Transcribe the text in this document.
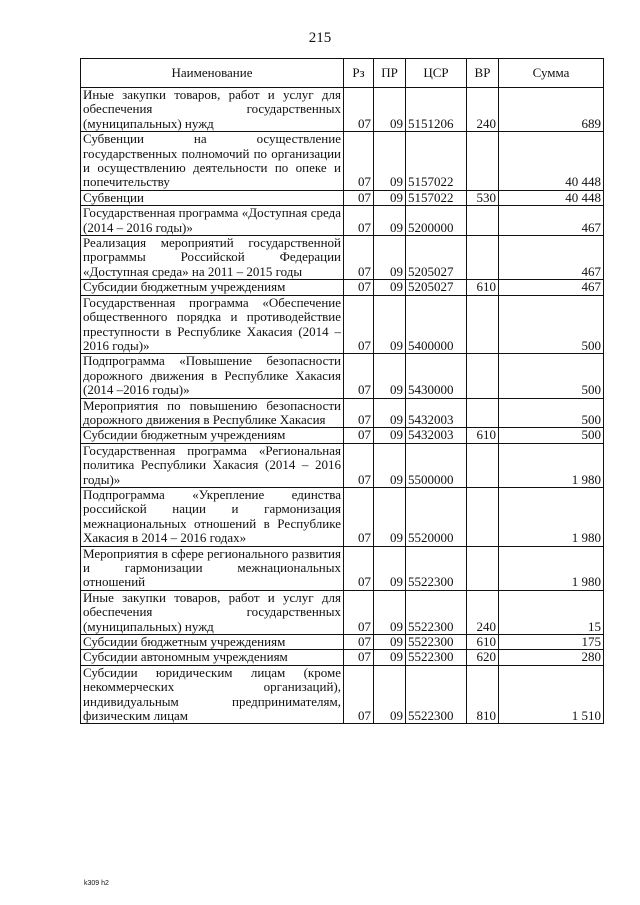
215
Наименование	Рз	ПР	ЦСР	ВР	Сумма
Иные закупки товаров, работ и услуг для обеспечения государственных (муниципальных) нужд	07	09	5151206	240	689
Субвенции на осуществление государственных полномочий по организации и осуществлению деятельности по опеке и попечительству	07	09	5157022		40 448
Субвенции	07	09	5157022	530	40 448
Государственная программа «Доступная среда (2014 – 2016 годы)»	07	09	5200000		467
Реализация мероприятий государственной программы Российской Федерации «Доступная среда» на 2011 – 2015 годы	07	09	5205027		467
Субсидии бюджетным учреждениям	07	09	5205027	610	467
Государственная программа «Обеспечение общественного порядка и противодействие преступности в Республике Хакасия (2014 – 2016 годы)»	07	09	5400000		500
Подпрограмма «Повышение безопасности дорожного движения в Республике Хакасия (2014 –2016 годы)»	07	09	5430000		500
Мероприятия по повышению безопасности дорожного движения в Республике Хакасия	07	09	5432003		500
Субсидии бюджетным учреждениям	07	09	5432003	610	500
Государственная программа «Региональная политика Республики Хакасия (2014 – 2016 годы)»	07	09	5500000		1 980
Подпрограмма «Укрепление единства российской нации и гармонизация межнациональных отношений в Республике Хакасия в 2014 – 2016 годах»	07	09	5520000		1 980
Мероприятия в сфере регионального развития и гармонизации межнациональных отношений	07	09	5522300		1 980
Иные закупки товаров, работ и услуг для обеспечения государственных (муниципальных) нужд	07	09	5522300	240	15
Субсидии бюджетным учреждениям	07	09	5522300	610	175
Субсидии автономным учреждениям	07	09	5522300	620	280
Субсидии юридическим лицам (кроме некоммерческих организаций), индивидуальным предпринимателям, физическим лицам	07	09	5522300	810	1 510
k309 h2
